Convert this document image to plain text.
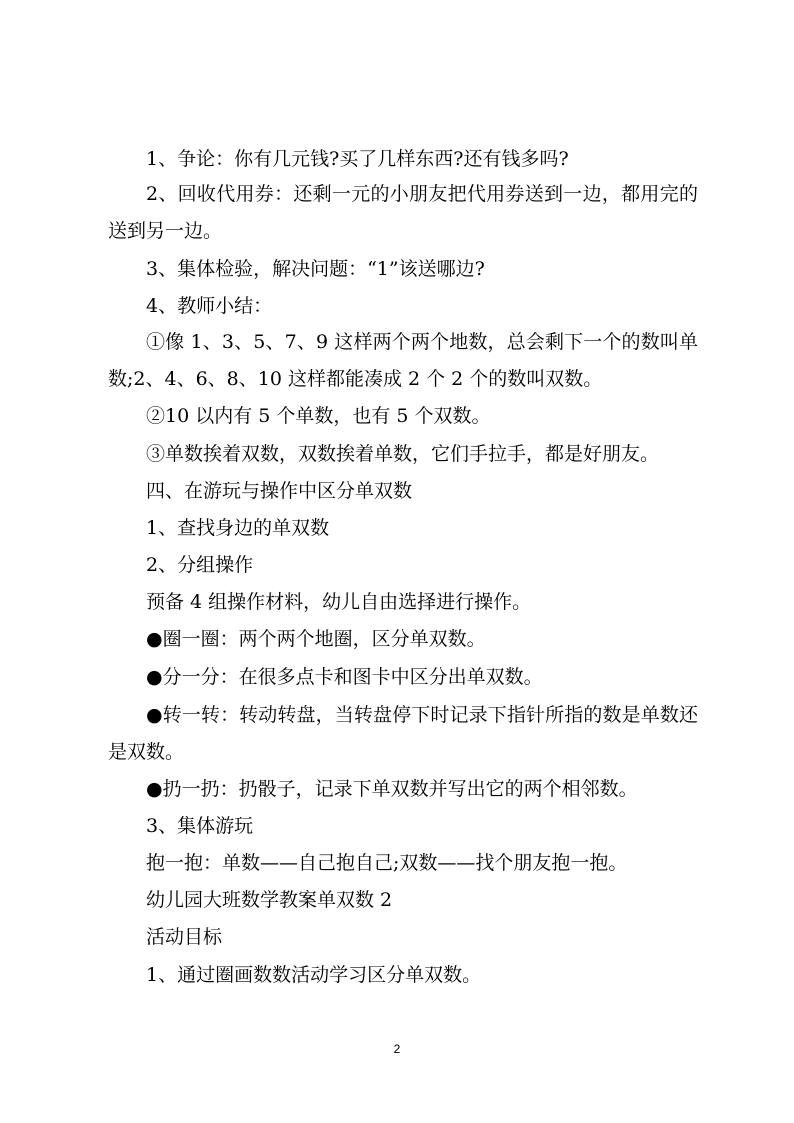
1、争论：你有几元钱?买了几样东西?还有钱多吗?

2、回收代用券：还剩一元的小朋友把代用券送到一边，都用完的送到另一边。

3、集体检验，解决问题：“1”该送哪边?

4、教师小结：

①像 1、3、5、7、9 这样两个两个地数，总会剩下一个的数叫单数;2、4、6、8、10 这样都能凑成 2 个 2 个的数叫双数。

②10 以内有 5 个单数，也有 5 个双数。

③单数挨着双数，双数挨着单数，它们手拉手，都是好朋友。

四、在游玩与操作中区分单双数

1、查找身边的单双数

2、分组操作

预备 4 组操作材料，幼儿自由选择进行操作。

●圈一圈：两个两个地圈，区分单双数。

●分一分：在很多点卡和图卡中区分出单双数。

●转一转：转动转盘，当转盘停下时记录下指针所指的数是单数还是双数。

●扔一扔：扔骰子，记录下单双数并写出它的两个相邻数。

3、集体游玩

抱一抱：单数——自己抱自己;双数——找个朋友抱一抱。

幼儿园大班数学教案单双数 2

活动目标

1、通过圈画数数活动学习区分单双数。

2
